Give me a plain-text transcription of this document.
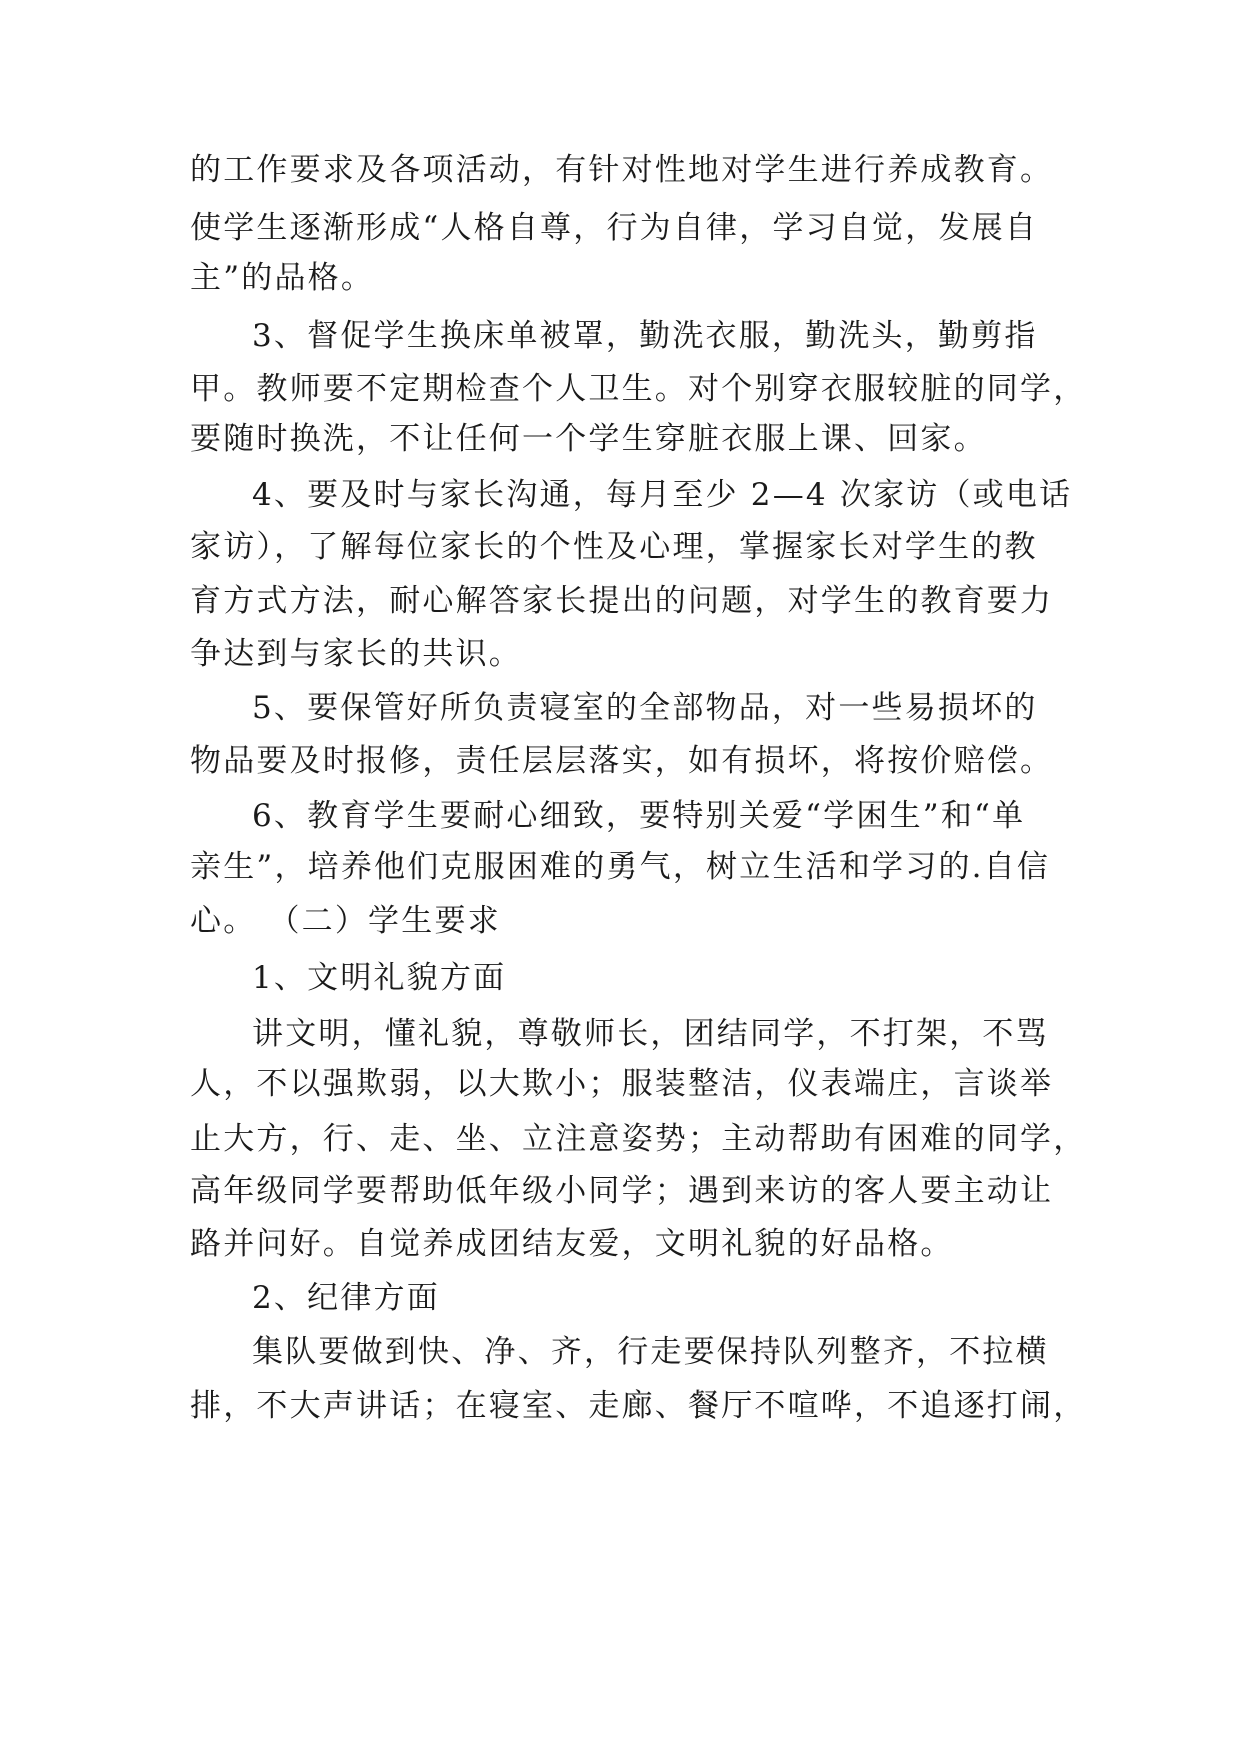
的工作要求及各项活动，有针对性地对学生进行养成教育。
使学生逐渐形成“人格自尊，行为自律，学习自觉，发展自
主”的品格。
3、督促学生换床单被罩，勤洗衣服，勤洗头，勤剪指
甲。教师要不定期检查个人卫生。对个别穿衣服较脏的同学，
要随时换洗，不让任何一个学生穿脏衣服上课、回家。
4、要及时与家长沟通，每月至少 2—4 次家访（或电话
家访），了解每位家长的个性及心理，掌握家长对学生的教
育方式方法，耐心解答家长提出的问题，对学生的教育要力
争达到与家长的共识。
5、要保管好所负责寝室的全部物品，对一些易损坏的
物品要及时报修，责任层层落实，如有损坏，将按价赔偿。
6、教育学生要耐心细致，要特别关爱“学困生”和“单
亲生”，培养他们克服困难的勇气，树立生活和学习的.自信
心。 （二）学生要求
1、文明礼貌方面
讲文明，懂礼貌，尊敬师长，团结同学，不打架，不骂
人，不以强欺弱，以大欺小；服装整洁，仪表端庄，言谈举
止大方，行、走、坐、立注意姿势；主动帮助有困难的同学，
高年级同学要帮助低年级小同学；遇到来访的客人要主动让
路并问好。自觉养成团结友爱，文明礼貌的好品格。
2、纪律方面
集队要做到快、净、齐，行走要保持队列整齐，不拉横
排，不大声讲话；在寝室、走廊、餐厅不喧哗，不追逐打闹，
